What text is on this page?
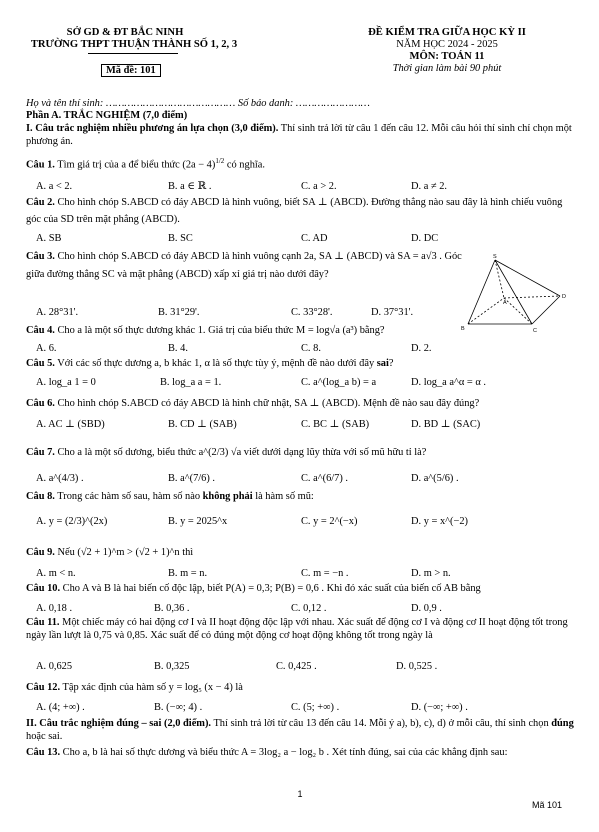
SỞ GD & ĐT BẮC NINH
TRƯỜNG THPT THUẬN THÀNH SỐ 1, 2, 3
Mã đề: 101
ĐỀ KIỂM TRA GIỮA HỌC KỲ II
NĂM HỌC 2024 - 2025
MÔN: TOÁN 11
Thời gian làm bài 90 phút
Họ và tên thí sinh: …………………………………… Số báo danh: ……………………
Phần A. TRẮC NGHIỆM (7,0 điểm)
I. Câu trắc nghiệm nhiều phương án lựa chọn (3,0 điểm). Thí sinh trả lời từ câu 1 đến câu 12. Mỗi câu hỏi thí sinh chỉ chọn một phương án.
Câu 1. Tìm giá trị của a để biểu thức $(2a - 4)^{1/2}$ có nghĩa.
A. a < 2.	B. a ∈ ℝ .	C. a > 2.	D. a ≠ 2.
Câu 2. Cho hình chóp S.ABCD có đáy ABCD là hình vuông, biết SA ⊥ (ABCD). Đường thẳng nào sau đây là hình chiếu vuông góc của SD trên mặt phẳng (ABCD).
A. SB	B. SC	C. AD	D. DC
Câu 3. Cho hình chóp S.ABCD có đáy ABCD là hình vuông cạnh 2a, SA ⊥ (ABCD) và SA = a√3 . Góc giữa đường thẳng SC và mặt phẳng (ABCD) xấp xỉ giá trị nào dưới đây?
A. 28°31'.	B. 31°29'.	C. 33°28'.	D. 37°31'.
S
A
B	C
D
Câu 4. Cho a là một số thực dương khác 1. Giá trị của biểu thức M = log√a (a³) bằng?
A. 6.	B. 4.	C. 8.	D. 2.
Câu 5. Với các số thực dương a, b khác 1, α là số thực tùy ý, mệnh đề nào dưới đây sai?
A. log_a 1 = 0	B. log_a a = 1.	C. a^(log_a b) = a	D. log_a a^α = α .
Câu 6. Cho hình chóp S.ABCD có đáy ABCD là hình chữ nhật, SA ⊥ (ABCD). Mệnh đề nào sau đây đúng?
A. AC ⊥ (SBD)	B. CD ⊥ (SAB)	C. BC ⊥ (SAB)	D. BD ⊥ (SAC)
Câu 7. Cho a là một số dương, biểu thức a^(2/3) √a viết dưới dạng lũy thừa với số mũ hữu tỉ là?
A. a^(4/3) .	B. a^(7/6) .	C. a^(6/7) .	D. a^(5/6) .
Câu 8. Trong các hàm số sau, hàm số nào không phải là hàm số mũ:
A. y = (2/3)^(2x)	B. y = 2025^x	C. y = 2^(−x)	D. y = x^(−2)
Câu 9. Nếu (√2 + 1)^m > (√2 + 1)^n thì
A. m < n.	B. m = n.	C. m = −n .	D. m > n.
Câu 10. Cho A và B là hai biến cố độc lập, biết P(A) = 0,3; P(B) = 0,6 . Khi đó xác suất của biến cố AB bằng
A. 0,18 .	B. 0,36 .	C. 0,12 .	D. 0,9 .
Câu 11. Một chiếc máy có hai động cơ I và II hoạt động độc lập với nhau. Xác suất để động cơ I và động cơ II hoạt động tốt trong ngày lần lượt là 0,75 và 0,85. Xác suất để có đúng một động cơ hoạt động không tốt trong ngày là
A. 0,625	B. 0,325	C. 0,425 .	D. 0,525 .
Câu 12. Tập xác định của hàm số y = log₅ (x − 4) là
A. (4; +∞) .	B. (−∞; 4) .	C. (5; +∞) .	D. (−∞; +∞) .
II. Câu trắc nghiệm đúng – sai (2,0 điểm). Thí sinh trả lời từ câu 13 đến câu 14. Mỗi ý a), b), c), d) ở mỗi câu, thí sinh chọn đúng hoặc sai.
Câu 13. Cho a, b là hai số thực dương và biểu thức A = 3log₂ a − log₂ b . Xét tính đúng, sai của các khẳng định sau:
1
Mã 101
